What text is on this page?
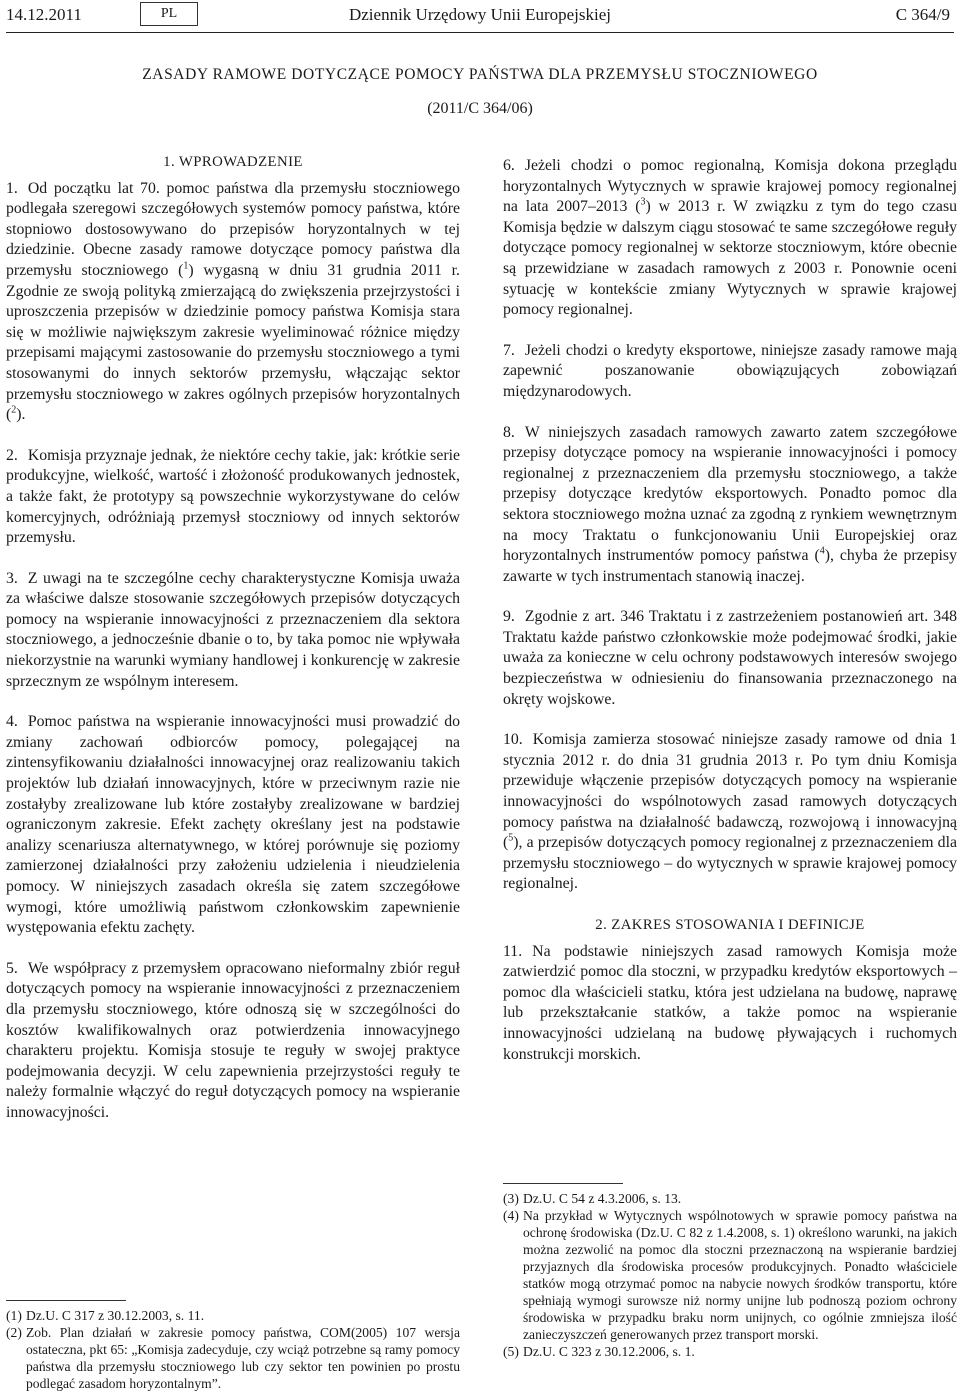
14.12.2011	PL	Dziennik Urzędowy Unii Europejskiej	C 364/9
ZASADY RAMOWE DOTYCZĄCE POMOCY PAŃSTWA DLA PRZEMYSŁU STOCZNIOWEGO
(2011/C 364/06)
1. WPROWADZENIE

1. Od początku lat 70. pomoc państwa dla przemysłu stoczniowego podlegała szeregowi szczegółowych systemów pomocy państwa, które stopniowo dostosowywano do przepisów horyzontalnych w tej dziedzinie. Obecne zasady ramowe dotyczące pomocy państwa dla przemysłu stoczniowego ($^1$) wygasną w dniu 31 grudnia 2011 r. Zgodnie ze swoją polityką zmierzającą do zwiększenia przejrzystości i uproszczenia przepisów w dziedzinie pomocy państwa Komisja stara się w możliwie największym zakresie wyeliminować różnice między przepisami mającymi zastosowanie do przemysłu stoczniowego a tymi stosowanymi do innych sektorów przemysłu, włączając sektor przemysłu stoczniowego w zakres ogólnych przepisów horyzontalnych ($^2$).

2. Komisja przyznaje jednak, że niektóre cechy takie, jak: krótkie serie produkcyjne, wielkość, wartość i złożoność produkowanych jednostek, a także fakt, że prototypy są powszechnie wykorzystywane do celów komercyjnych, odróżniają przemysł stoczniowy od innych sektorów przemysłu.

3. Z uwagi na te szczególne cechy charakterystyczne Komisja uważa za właściwe dalsze stosowanie szczegółowych przepisów dotyczących pomocy na wspieranie innowacyjności z przeznaczeniem dla sektora stoczniowego, a jednocześnie dbanie o to, by taka pomoc nie wpływała niekorzystnie na warunki wymiany handlowej i konkurencję w zakresie sprzecznym ze wspólnym interesem.

4. Pomoc państwa na wspieranie innowacyjności musi prowadzić do zmiany zachowań odbiorców pomocy, polegającej na zintensyfikowaniu działalności innowacyjnej oraz realizowaniu takich projektów lub działań innowacyjnych, które w przeciwnym razie nie zostałyby zrealizowane lub które zostałyby zrealizowane w bardziej ograniczonym zakresie. Efekt zachęty określany jest na podstawie analizy scenariusza alternatywnego, w której porównuje się poziomy zamierzonej działalności przy założeniu udzielenia i nieudzielenia pomocy. W niniejszych zasadach określa się zatem szczegółowe wymogi, które umożliwią państwom członkowskim zapewnienie występowania efektu zachęty.

5. We współpracy z przemysłem opracowano nieformalny zbiór reguł dotyczących pomocy na wspieranie innowacyjności z przeznaczeniem dla przemysłu stoczniowego, które odnoszą się w szczególności do kosztów kwalifikowalnych oraz potwierdzenia innowacyjnego charakteru projektu. Komisja stosuje te reguły w swojej praktyce podejmowania decyzji. W celu zapewnienia przejrzystości reguły te należy formalnie włączyć do reguł dotyczących pomocy na wspieranie innowacyjności.

(1) Dz.U. C 317 z 30.12.2003, s. 11.

(2) Zob. Plan działań w zakresie pomocy państwa, COM(2005) 107 wersja ostateczna, pkt 65: „Komisja zadecyduje, czy wciąż potrzebne są ramy pomocy państwa dla przemysłu stoczniowego lub czy sektor ten powinien po prostu podlegać zasadom horyzontalnym”.

6. Jeżeli chodzi o pomoc regionalną, Komisja dokona przeglądu horyzontalnych Wytycznych w sprawie krajowej pomocy regionalnej na lata 2007–2013 ($^3$) w 2013 r. W związku z tym do tego czasu Komisja będzie w dalszym ciągu stosować te same szczegółowe reguły dotyczące pomocy regionalnej w sektorze stoczniowym, które obecnie są przewidziane w zasadach ramowych z 2003 r. Ponownie oceni sytuację w kontekście zmiany Wytycznych w sprawie krajowej pomocy regionalnej.

7. Jeżeli chodzi o kredyty eksportowe, niniejsze zasady ramowe mają zapewnić poszanowanie obowiązujących zobowiązań międzynarodowych.

8. W niniejszych zasadach ramowych zawarto zatem szczegółowe przepisy dotyczące pomocy na wspieranie innowacyjności i pomocy regionalnej z przeznaczeniem dla przemysłu stoczniowego, a także przepisy dotyczące kredytów eksportowych. Ponadto pomoc dla sektora stoczniowego można uznać za zgodną z rynkiem wewnętrznym na mocy Traktatu o funkcjonowaniu Unii Europejskiej oraz horyzontalnych instrumentów pomocy państwa ($^4$), chyba że przepisy zawarte w tych instrumentach stanowią inaczej.

9. Zgodnie z art. 346 Traktatu i z zastrzeżeniem postanowień art. 348 Traktatu każde państwo członkowskie może podejmować środki, jakie uważa za konieczne w celu ochrony podstawowych interesów swojego bezpieczeństwa w odniesieniu do finansowania przeznaczonego na okręty wojskowe.

10. Komisja zamierza stosować niniejsze zasady ramowe od dnia 1 stycznia 2012 r. do dnia 31 grudnia 2013 r. Po tym dniu Komisja przewiduje włączenie przepisów dotyczących pomocy na wspieranie innowacyjności do wspólnotowych zasad ramowych dotyczących pomocy państwa na działalność badawczą, rozwojową i innowacyjną ($^5$), a przepisów dotyczących pomocy regionalnej z przeznaczeniem dla przemysłu stoczniowego – do wytycznych w sprawie krajowej pomocy regionalnej.

2. ZAKRES STOSOWANIA I DEFINICJE

11. Na podstawie niniejszych zasad ramowych Komisja może zatwierdzić pomoc dla stoczni, w przypadku kredytów eksportowych – pomoc dla właścicieli statku, która jest udzielana na budowę, naprawę lub przekształcanie statków, a także pomoc na wspieranie innowacyjności udzielaną na budowę pływających i ruchomych konstrukcji morskich.

(3) Dz.U. C 54 z 4.3.2006, s. 13.

(4) Na przykład w Wytycznych wspólnotowych w sprawie pomocy państwa na ochronę środowiska (Dz.U. C 82 z 1.4.2008, s. 1) określono warunki, na jakich można zezwolić na pomoc dla stoczni przeznaczoną na wspieranie bardziej przyjaznych dla środowiska procesów produkcyjnych. Ponadto właściciele statków mogą otrzymać pomoc na nabycie nowych środków transportu, które spełniają wymogi surowsze niż normy unijne lub podnoszą poziom ochrony środowiska w przypadku braku norm unijnych, co ogólnie zmniejsza ilość zanieczyszczeń generowanych przez transport morski.

(5) Dz.U. C 323 z 30.12.2006, s. 1.
